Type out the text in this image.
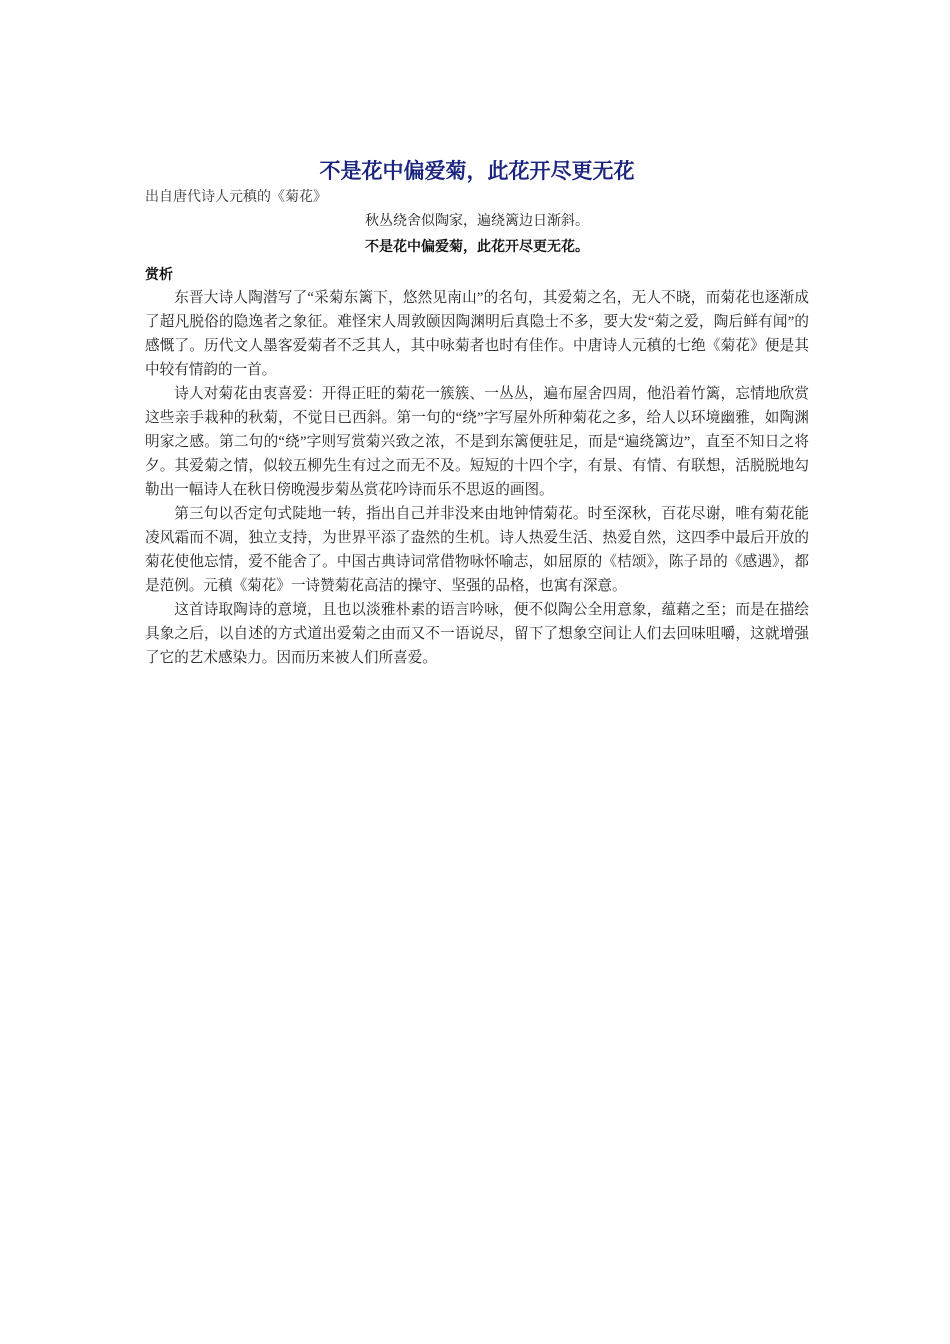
不是花中偏爱菊，此花开尽更无花

出自唐代诗人元稹的《菊花》

秋丛绕舍似陶家，遍绕篱边日渐斜。

不是花中偏爱菊，此花开尽更无花。

赏析

东晋大诗人陶潜写了“采菊东篱下，悠然见南山”的名句，其爱菊之名，无人不晓，而菊花也逐渐成了超凡脱俗的隐逸者之象征。难怪宋人周敦颐因陶渊明后真隐士不多，要大发“菊之爱，陶后鲜有闻”的感慨了。历代文人墨客爱菊者不乏其人，其中咏菊者也时有佳作。中唐诗人元稹的七绝《菊花》便是其中较有情韵的一首。

诗人对菊花由衷喜爱：开得正旺的菊花一簇簇、一丛丛，遍布屋舍四周，他沿着竹篱，忘情地欣赏这些亲手栽种的秋菊，不觉日已西斜。第一句的“绕”字写屋外所种菊花之多，给人以环境幽雅，如陶渊明家之感。第二句的“绕”字则写赏菊兴致之浓，不是到东篱便驻足，而是“遍绕篱边”，直至不知日之将夕。其爱菊之情，似较五柳先生有过之而无不及。短短的十四个字，有景、有情、有联想，活脱脱地勾勒出一幅诗人在秋日傍晚漫步菊丛赏花吟诗而乐不思返的画图。

第三句以否定句式陡地一转，指出自己并非没来由地钟情菊花。时至深秋，百花尽谢，唯有菊花能凌风霜而不凋，独立支持，为世界平添了盎然的生机。诗人热爱生活、热爱自然，这四季中最后开放的菊花使他忘情，爱不能舍了。中国古典诗词常借物咏怀喻志，如屈原的《桔颂》，陈子昂的《感遇》，都是范例。元稹《菊花》一诗赞菊花高洁的操守、坚强的品格，也寓有深意。

这首诗取陶诗的意境，且也以淡雅朴素的语言吟咏，便不似陶公全用意象，蕴藉之至；而是在描绘具象之后，以自述的方式道出爱菊之由而又不一语说尽，留下了想象空间让人们去回味咀嚼，这就增强了它的艺术感染力。因而历来被人们所喜爱。
